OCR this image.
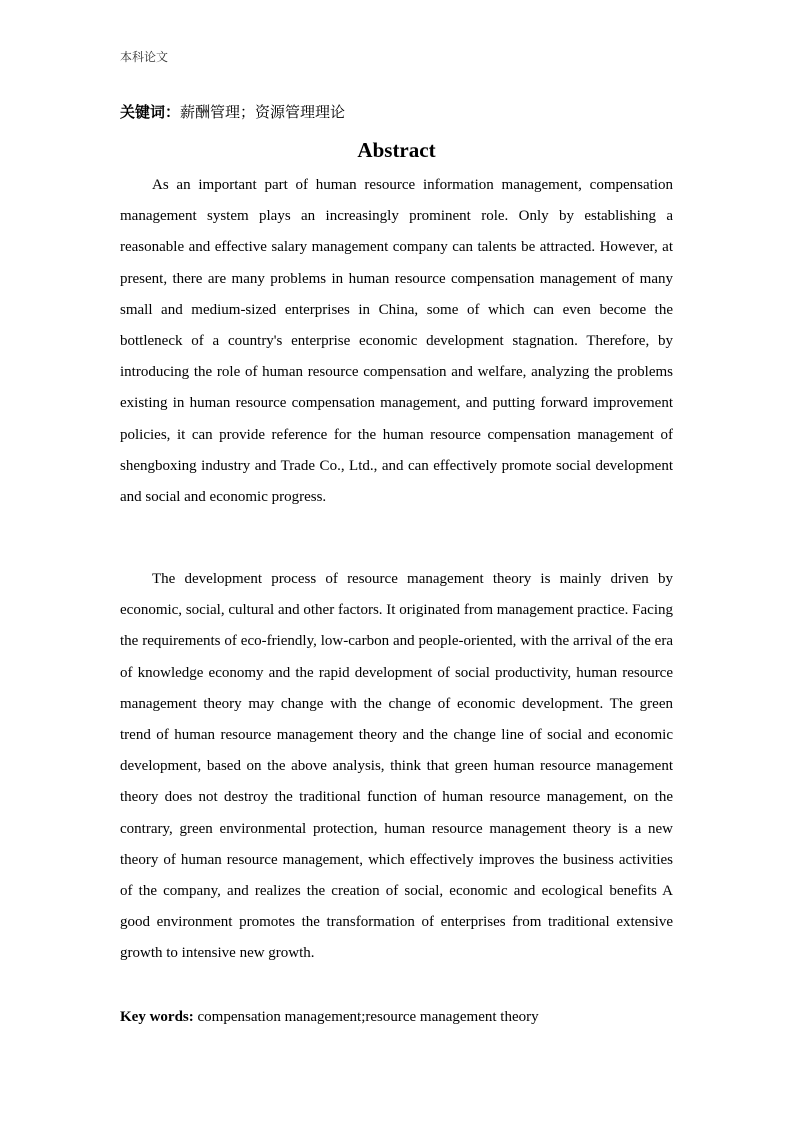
本科论文
关键词：薪酬管理；资源管理理论
Abstract

As an important part of human resource information management, compensation management system plays an increasingly prominent role. Only by establishing a reasonable and effective salary management company can talents be attracted. However, at present, there are many problems in human resource compensation management of many small and medium-sized enterprises in China, some of which can even become the bottleneck of a country's enterprise economic development stagnation. Therefore, by introducing the role of human resource compensation and welfare, analyzing the problems existing in human resource compensation management, and putting forward improvement policies, it can provide reference for the human resource compensation management of shengboxing industry and Trade Co., Ltd., and can effectively promote social development and social and economic progress.

The development process of resource management theory is mainly driven by economic, social, cultural and other factors. It originated from management practice. Facing the requirements of eco-friendly, low-carbon and people-oriented, with the arrival of the era of knowledge economy and the rapid development of social productivity, human resource management theory may change with the change of economic development. The green trend of human resource management theory and the change line of social and economic development, based on the above analysis, think that green human resource management theory does not destroy the traditional function of human resource management, on the contrary, green environmental protection, human resource management theory is a new theory of human resource management, which effectively improves the business activities of the company, and realizes the creation of social, economic and ecological benefits A good environment promotes the transformation of enterprises from traditional extensive growth to intensive new growth.

Key words: compensation management;resource management theory
